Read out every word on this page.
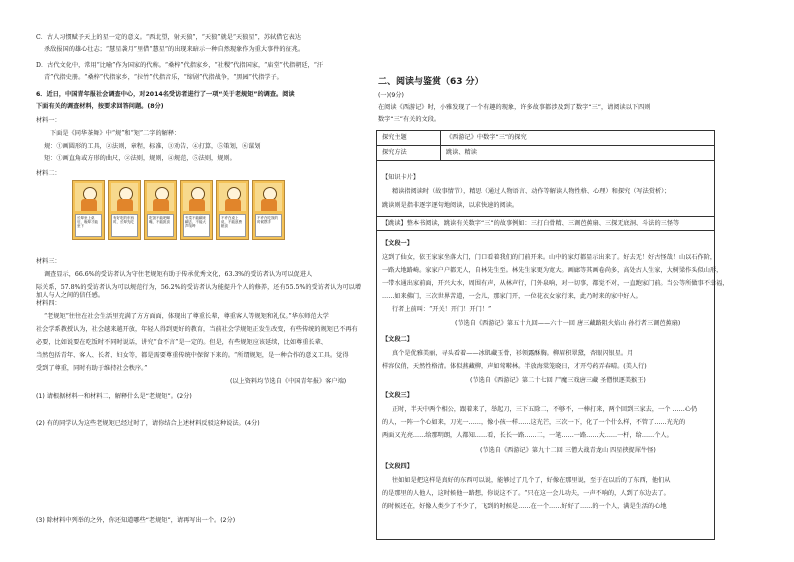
C．古人习惯赋予天上的星一定的意义。“西北望，射天狼”，“天狼”就是“天狼星”，苏轼借它表达
杀敌报国的雄心壮志；“慧星袭月”里借“慧星”的出现来暗示一种自然现象作为重大事件的征兆。
D．古代文化中，常用“比喻”作为国家的代称。“桑梓”代指家乡，“社稷”代指国家，“庙堂”代指朝廷，“汗
青”代指史册。“桑梓”代指家乡，“拉竹”代指音乐，“缔剧”代指战争，“黑园”代指学子。
6．近日，中国青年报社会调查中心，对2014名受访者进行了一项“关于老规矩”的调查。阅读
下面有关的调查材料，按要求回答问题。(8分)
材料一：
下面是《同华茶舞》中“规”和“矩”二字的解释：
规：①画圆形的工具，②法则，章程，标准，③劝告，④打算，⑤策划，⑥谋划
矩：①画直角或方形的曲尺，②法则，规则，④规范，⑤法则，规则。
材料二：
长辈坐上桌后，晚辈才能坐下
有好吃的东西时，长辈先吃
吃饭不能吧唧嘴，不能挑食
夹菜不能翻来翻去，不能大声喧哗
不许在桌上说，不能浪费粮食
不许在吃饭的时候摆手
材料三：
调查显示，66.6%的受访者认为守住老规矩有助于传承优秀文化，63.3%的受访者认为可以促进人
际关系，57.8%的受访者认为可以规范行为，56.2%的受访者认为能提升个人的修养，还有55.5%的受访者认为可以增加人与人之间的信任感。
材料四：
“老规矩”往往在社会生活里充满了方方面面，体现出了尊重长辈，尊重客人等规矩和礼仪。”华东师范大学
社会学系教授认为，社会越来越开放，年轻人得到更好的教育，当前社会学规矩正发生改变，有些传统的规矩已不再有
必要，比如说要在吃饭时不同时说话，讲究“食不言”是一定的。但是，有些规矩应该延续，比如尊重长辈、
当然包括青年、客人、长者、妇女等，都是需要尊重传统中保留下来的。“所谓规矩，是一种合作的意义工具。觉得
受到了尊重，同时有助于维持社会秩序。”
(以上资料均节选自《中国青年报》客户端)
(1) 请根据材料一和材料二，解释什么是“老规矩”。(2分)
(2) 有的同学认为这些老规矩已经过时了，请你结合上述材料反驳这种说法。(4分)
(3) 除材料中列举的之外，你还知道哪些“老规矩”，请再写出一个。(2分)
二、阅读与鉴赏（63 分）
(一)(9分)
在阅读《西游记》时，小雅发现了一个有趣的现象，许多故事都涉及到了数字“三”，请阅读以下四则
数字“三”有关的文段。
探究主题	《西游记》中数字“三”的探究
探究方法	跳读、精读
【知识卡片】
精读指阅读时（故事情节），精思（通过人物语言、动作等解读人物性格、心理）和探究（写法赏析）；
跳读则是指非逐字逐句地阅读，以求快速的阅读。
【跳读】整本书阅读，跳读有关数字“三”的故事例如：三打白骨精、三调芭蕉扇、三探无底洞、斗法的三怪等
【文段一】
这到了仙女，依王家家坐落大门，门口看着我们的门前开来。山中的家灯都显示出来了。好去无！好古怪哉！山以石作阶，
一路大地路崎。家家户户都无人，自林先生至。林先生家更为宽大。画廊等其画卷尚多，高处古人生家，大树梁作头似山形，
一带水通出家前面，开兴大水，周围有声，从林声行，门外泉响，对一切事，都觉不对，一直跑家门前。当公等所做事不幸福，
……如来佛门，三次世界苦道，一会儿，那家门开，一位花衣女家行来，此乃时来的家中好人。
行者上前叫：“开关！开门！开门！”
(节选自《西游记》第五十九回——六十一回 唐三藏路阻火焰山 孙行者三调芭蕉扇)
【文段二】
真个是优雅美丽，寻头看着——冰肌藏玉骨，衫领露酥胸。柳眉积翠黛，杏眼闪银星。月
样容仪俏，天然性格清。体似燕藏柳，声如莺啭林。半放海棠笼晓日，才开芍药弄春晴。(美人行)
(节选自《西游记》第二十七回 尸魔三戏唐三藏 圣僧恨逐美猴王)
【文段三】
正时，半天中两个相公，跟着来了，举起刀，三下五除二，不够不，一棒打来，两个回到三家去，一个 ……心仍
的人，一阵一个心如来，刀光一……，像小孩一样……这光芒，三次一下，化了一个什么样，不管了……光光的
两面又光亮……给那明朗，人都知……看，长长一路……二，一笔……一路……大……一杆，给……个人。
(节选自《西游记》第九十二回 三僧大战青龙山 四星挟捉犀牛怪)
【文段四】
往如如是把这样是真好的东西可以说，能够过了几个了，好像在那里说，至于在以后的了东西，他们从
的是那里的人他人，这时候他一路想，你说这不了。“只在这一会儿功夫，一声不响的，人到了东边去了。
的时候还在，好像人类少了不少了，飞到的时候是……在一个……好好了……的一个人，满是生活的心地
